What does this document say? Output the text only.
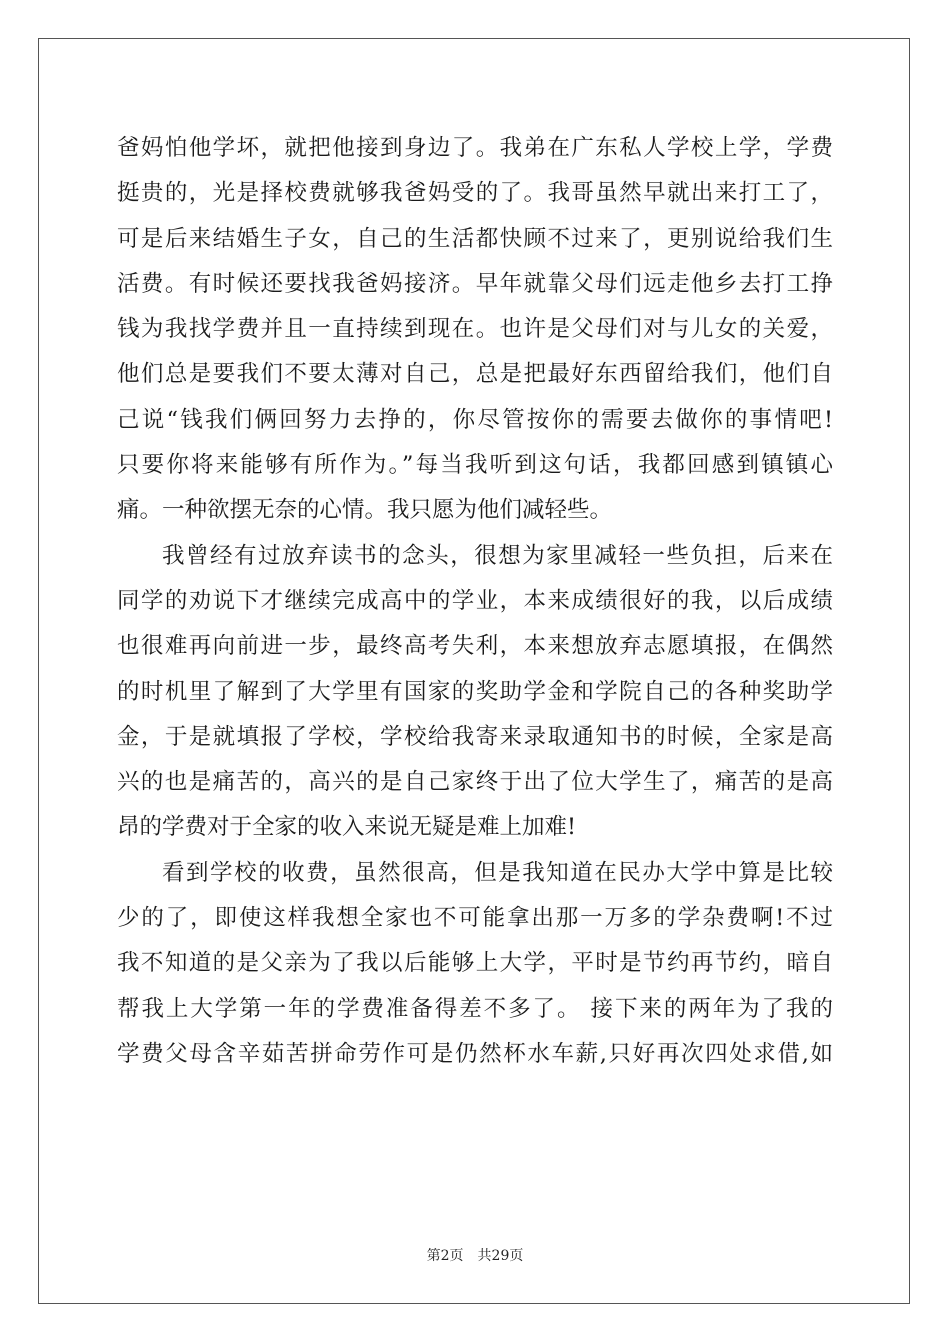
爸妈怕他学坏，就把他接到身边了。我弟在广东私人学校上学，学费
挺贵的，光是择校费就够我爸妈受的了。我哥虽然早就出来打工了，
可是后来结婚生子女，自己的生活都快顾不过来了，更别说给我们生
活费。有时候还要找我爸妈接济。早年就靠父母们远走他乡去打工挣
钱为我找学费并且一直持续到现在。也许是父母们对与儿女的关爱，
他们总是要我们不要太薄对自己，总是把最好东西留给我们，他们自
己说“钱我们俩回努力去挣的，你尽管按你的需要去做你的事情吧!
只要你将来能够有所作为。”每当我听到这句话，我都回感到镇镇心
痛。一种欲摆无奈的心情。我只愿为他们减轻些。
我曾经有过放弃读书的念头，很想为家里减轻一些负担，后来在
同学的劝说下才继续完成高中的学业，本来成绩很好的我，以后成绩
也很难再向前进一步，最终高考失利，本来想放弃志愿填报，在偶然
的时机里了解到了大学里有国家的奖助学金和学院自己的各种奖助学
金，于是就填报了学校，学校给我寄来录取通知书的时候，全家是高
兴的也是痛苦的，高兴的是自己家终于出了位大学生了，痛苦的是高
昂的学费对于全家的收入来说无疑是难上加难!
看到学校的收费，虽然很高，但是我知道在民办大学中算是比较
少的了，即使这样我想全家也不可能拿出那一万多的学杂费啊!不过
我不知道的是父亲为了我以后能够上大学，平时是节约再节约，暗自
帮我上大学第一年的学费准备得差不多了。 接下来的两年为了我的
学费父母含辛茹苦拼命劳作可是仍然杯水车薪,只好再次四处求借,如
第2页 共29页
